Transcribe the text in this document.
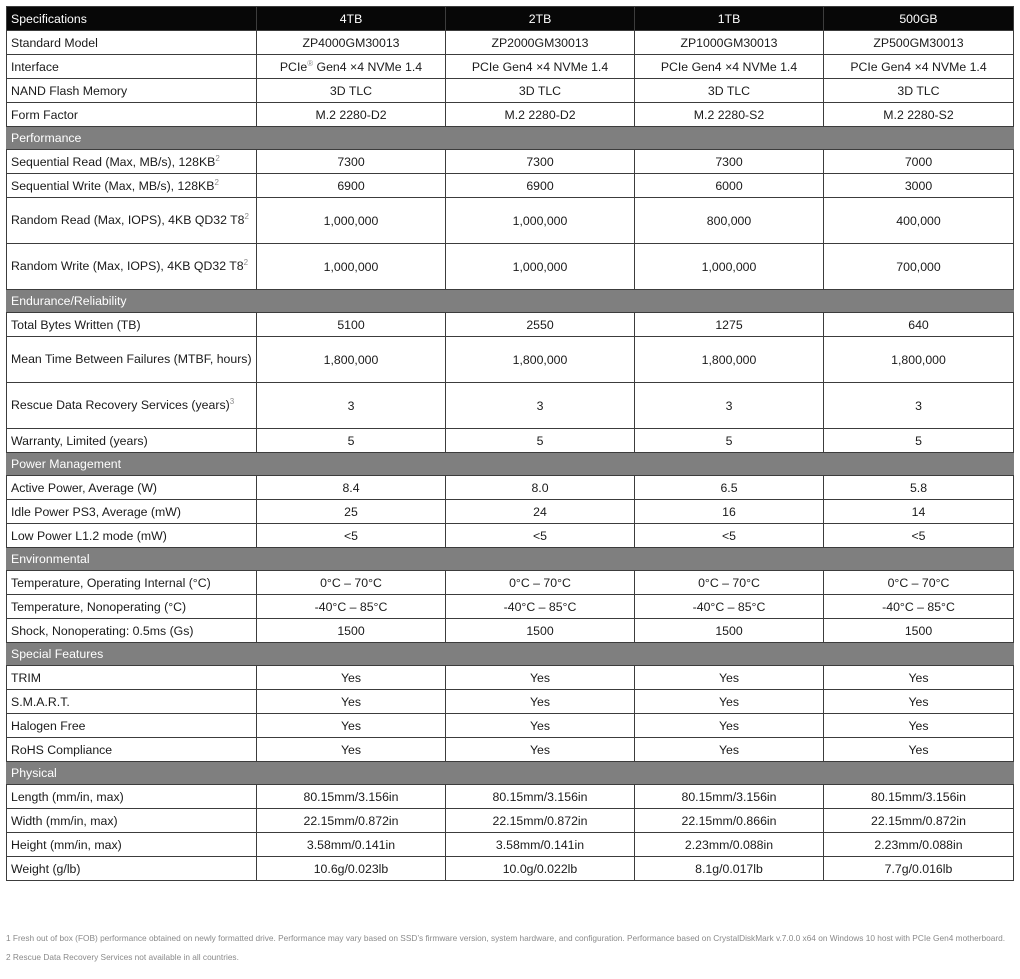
Specifications	4TB	2TB	1TB	500GB
Standard Model	ZP4000GM30013	ZP2000GM30013	ZP1000GM30013	ZP500GM30013
Interface	PCIe® Gen4 ×4 NVMe 1.4	PCIe Gen4 ×4 NVMe 1.4	PCIe Gen4 ×4 NVMe 1.4	PCIe Gen4 ×4 NVMe 1.4
NAND Flash Memory	3D TLC	3D TLC	3D TLC	3D TLC
Form Factor	M.2 2280-D2	M.2 2280-D2	M.2 2280-S2	M.2 2280-S2
Performance				
Sequential Read (Max, MB/s), $128KB^2$	7300	7300	7300	7000
Sequential Write (Max, MB/s), $128KB^2$	6900	6900	6000	3000
Random Read (Max, IOPS), 4KB QD32 $T8^2$	1,000,000	1,000,000	800,000	400,000
Random Write (Max, IOPS), 4KB QD32 $T8^2$	1,000,000	1,000,000	1,000,000	700,000
Endurance/Reliability				
Total Bytes Written (TB)	5100	2550	1275	640
Mean Time Between Failures (MTBF, hours)	1,800,000	1,800,000	1,800,000	1,800,000
Rescue Data Recovery Services (years)$^3$	3	3	3	3
Warranty, Limited (years)	5	5	5	5
Power Management				
Active Power, Average (W)	8.4	8.0	6.5	5.8
Idle Power PS3, Average (mW)	25	24	16	14
Low Power L1.2 mode (mW)	<5	<5	<5	<5
Environmental				
Temperature, Operating Internal (°C)	0°C – 70°C	0°C – 70°C	0°C – 70°C	0°C – 70°C
Temperature, Nonoperating (°C)	-40°C – 85°C	-40°C – 85°C	-40°C – 85°C	-40°C – 85°C
Shock, Nonoperating: 0.5ms (Gs)	1500	1500	1500	1500
Special Features				
TRIM	Yes	Yes	Yes	Yes
S.M.A.R.T.	Yes	Yes	Yes	Yes
Halogen Free	Yes	Yes	Yes	Yes
RoHS Compliance	Yes	Yes	Yes	Yes
Physical				
Length (mm/in, max)	80.15mm/3.156in	80.15mm/3.156in	80.15mm/3.156in	80.15mm/3.156in
Width (mm/in, max)	22.15mm/0.872in	22.15mm/0.872in	22.15mm/0.866in	22.15mm/0.872in
Height (mm/in, max)	3.58mm/0.141in	3.58mm/0.141in	2.23mm/0.088in	2.23mm/0.088in
Weight (g/lb)	10.6g/0.023lb	10.0g/0.022lb	8.1g/0.017lb	7.7g/0.016lb
1 Fresh out of box (FOB) performance obtained on newly formatted drive. Performance may vary based on SSD’s firmware version, system hardware, and configuration. Performance based on CrystalDiskMark v.7.0.0 x64 on Windows 10 host with PCIe Gen4 motherboard.
2 Rescue Data Recovery Services not available in all countries.
